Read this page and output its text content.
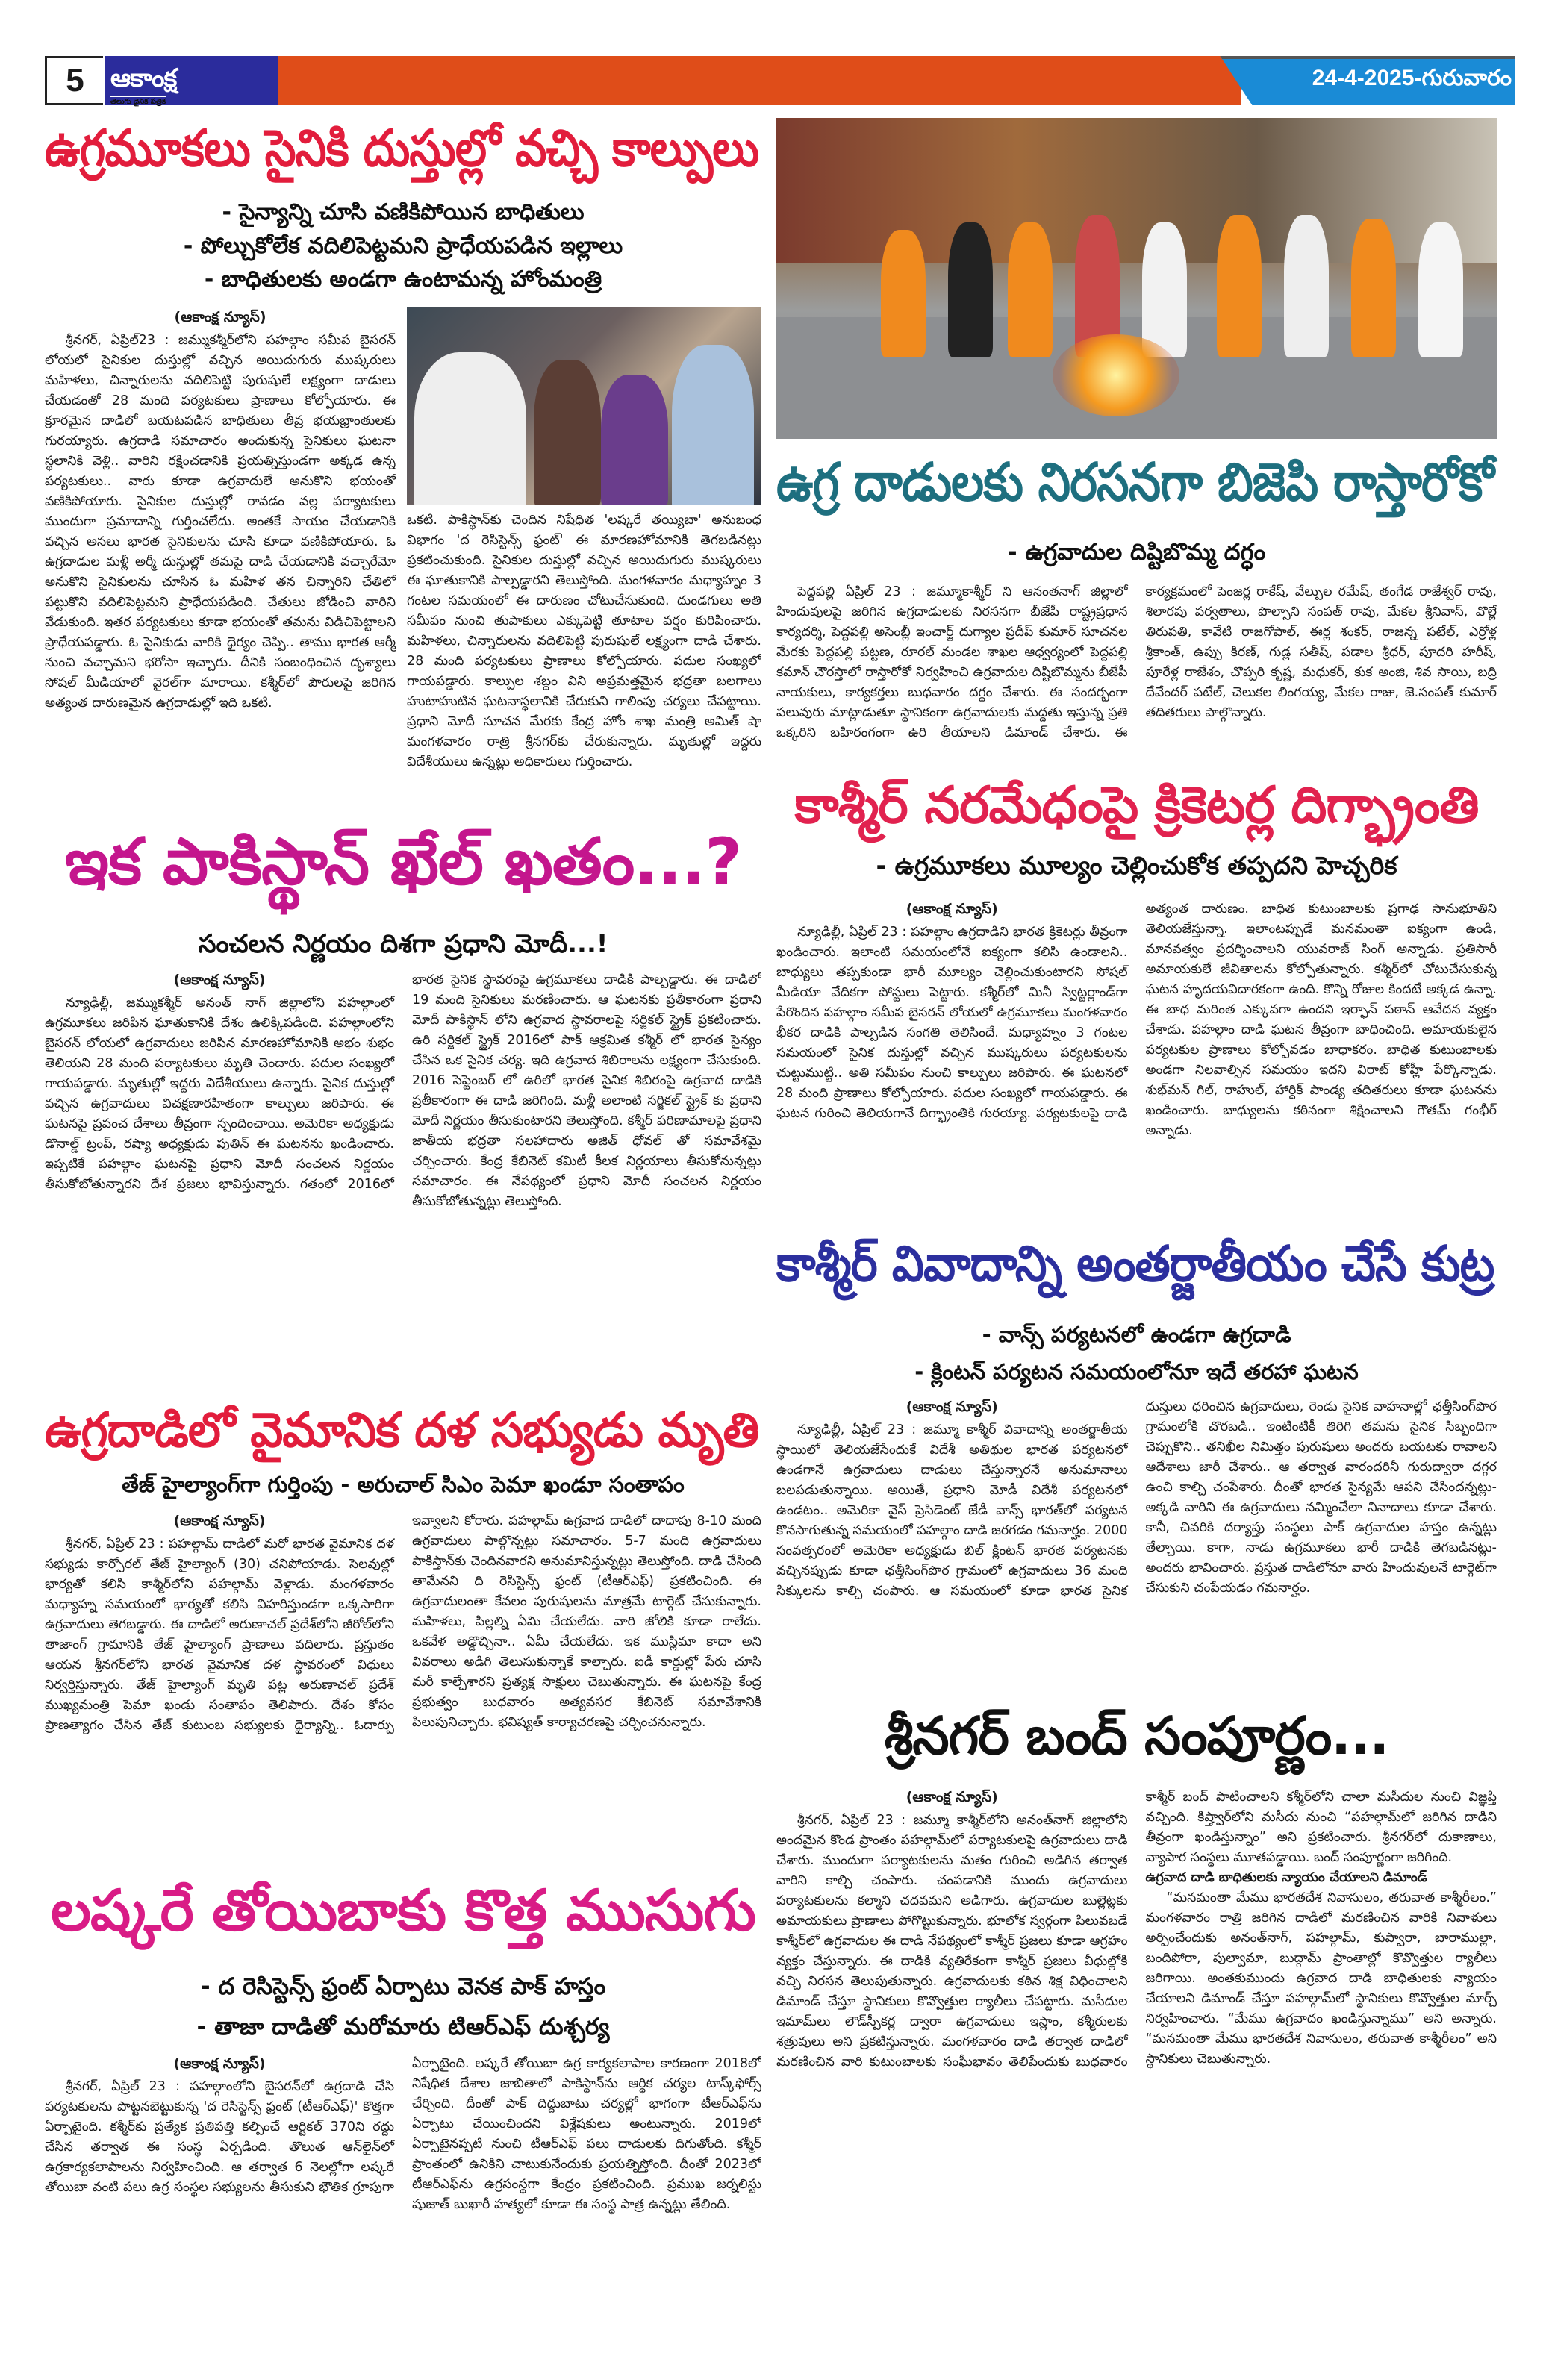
5
	ఆకాంక్ష
తెలుగు దైనిక పత్రిక
24-4-2025-గురువారం
ఉగ్రమూకలు సైనికి దుస్తుల్లో వచ్చి కాల్పులు
- సైన్యాన్ని చూసి వణికిపోయిన బాధితులు
- పోల్చుకోలేక వదిలిపెట్టమని ప్రాధేయపడిన ఇల్లాలు
- బాధితులకు అండగా ఉంటామన్న హోంమంత్రి
(ఆకాంక్ష న్యూస్)

శ్రీనగర్, ఏప్రిల్23 : జమ్ముకశ్మీర్‌లోని పహల్గాం సమీప బైసరన్ లోయలో సైనికుల దుస్తుల్లో వచ్చిన అయిదుగురు ముష్కరులు మహిళలు, చిన్నారులను వదిలిపెట్టి పురుషులే లక్ష్యంగా దాడులు చేయడంతో 28 మంది పర్యటకులు ప్రాణాలు కోల్పోయారు. ఈ క్రూరమైన దాడిలో బయటపడిన బాధితులు తీవ్ర భయభ్రాంతులకు గురయ్యారు. ఉగ్రదాడి సమాచారం అందుకున్న సైనికులు ఘటనా స్థలానికి వెళ్లి.. వారిని రక్షించడానికి ప్రయత్నిస్తుండగా అక్కడ ఉన్న పర్యటకులు.. వారు కూడా ఉగ్రవాదులే అనుకొని భయంతో వణికిపోయారు. సైనికుల దుస్తుల్లో రావడం వల్ల పర్యాటకులు ముందుగా ప్రమాదాన్ని గుర్తించలేదు. అంతకే సాయం చేయడానికి వచ్చిన అసలు భారత సైనికులను చూసి కూడా వణికిపోయారు. ఓ ఉగ్రదాడుల మళ్లీ అర్మీ దుస్తుల్లో తమపై దాడి చేయడానికి వచ్చారేమో అనుకొని సైనికులను చూసిన ఓ మహిళ తన చిన్నారిని చేతిలో పట్టుకొని వదిలిపెట్టమని ప్రాధేయపడింది. చేతులు జోడించి వారిని వేడుకుంది. ఇతర పర్యటకులు కూడా భయంతో తమను విడిచిపెట్టాలని ప్రాధేయపడ్డారు. ఓ సైనికుడు వారికి ధైర్యం చెప్పి.. తాము భారత ఆర్మీ నుంచి వచ్చామని భరోసా ఇచ్చారు. దీనికి సంబంధించిన దృశ్యాలు సోషల్ మీడియాలో వైరల్‌గా మారాయి. కశ్మీర్‌లో పౌరులపై జరిగిన అత్యంత దారుణమైన ఉగ్రదాడుల్లో ఇది ఒకటి.

ఒకటి. పాకిస్థాన్‌కు చెందిన నిషేధిత 'లష్కరే తయ్యిబా' అనుబంధ విభాగం 'ద రెసిస్టెన్స్ ఫ్రంట్' ఈ మారణహోమానికి తెగబడినట్లు ప్రకటించుకుంది. సైనికుల దుస్తుల్లో వచ్చిన అయిదుగురు ముష్కరులు ఈ ఘాతుకానికి పాల్పడ్డారని తెలుస్తోంది. మంగళవారం మధ్యాహ్నం 3 గంటల సమయంలో ఈ దారుణం చోటుచేసుకుంది. దుండగులు అతి సమీపం నుంచి తుపాకులు ఎక్కుపెట్టి తూటాల వర్షం కురిపించారు. మహిళలు, చిన్నారులను వదిలిపెట్టి పురుషులే లక్ష్యంగా దాడి చేశారు. 28 మంది పర్యటకులు ప్రాణాలు కోల్పోయారు. పదుల సంఖ్యలో గాయపడ్డారు. కాల్పుల శబ్దం విని అప్రమత్తమైన భద్రతా బలగాలు హుటాహుటిన ఘటనాస్థలానికి చేరుకుని గాలింపు చర్యలు చేపట్టాయి. ప్రధాని మోదీ సూచన మేరకు కేంద్ర హోం శాఖ మంత్రి అమిత్ షా మంగళవారం రాత్రి శ్రీనగర్‌కు చేరుకున్నారు. మృతుల్లో ఇద్దరు విదేశీయులు ఉన్నట్లు అధికారులు గుర్తించారు.

ఇక పాకిస్థాన్ ఖేల్ ఖతం...?
సంచలన నిర్ణయం దిశగా ప్రధాని మోదీ...!
(ఆకాంక్ష న్యూస్)

న్యూఢిల్లీ, జమ్ముకశ్మీర్ అనంత్ నాగ్ జిల్లాలోని పహల్గాంలో ఉగ్రమూకలు జరిపిన ఘాతుకానికి దేశం ఉలిక్కిపడింది. పహల్గాంలోని బైసరన్ లోయలో ఉగ్రవాదులు జరిపిన మారణహోమానికి అభం శుభం తెలియని 28 మంది పర్యాటకులు మృతి చెందారు. పదుల సంఖ్యలో గాయపడ్డారు. మృతుల్లో ఇద్దరు విదేశీయులు ఉన్నారు. సైనిక దుస్తుల్లో వచ్చిన ఉగ్రవాదులు విచక్షణారహితంగా కాల్పులు జరిపారు. ఈ ఘటనపై ప్రపంచ దేశాలు తీవ్రంగా స్పందించాయి. అమెరికా అధ్యక్షుడు డొనాల్డ్ ట్రంప్, రష్యా అధ్యక్షుడు పుతిన్ ఈ ఘటనను ఖండించారు. ఇప్పటికే పహల్గాం ఘటనపై ప్రధాని మోదీ సంచలన నిర్ణయం తీసుకోబోతున్నారని దేశ ప్రజలు భావిస్తున్నారు. గతంలో 2016లో భారత సైనిక స్థావరంపై ఉగ్రమూకలు దాడికి పాల్పడ్డారు. ఈ దాడిలో 19 మంది సైనికులు మరణించారు. ఆ ఘటనకు ప్రతీకారంగా ప్రధాని మోదీ పాకిస్థాన్ లోని ఉగ్రవాద స్థావరాలపై సర్జికల్ స్ట్రైక్ ప్రకటించారు. ఉరి సర్జికల్ స్ట్రైక్ 2016లో పాక్ ఆక్రమిత కశ్మీర్ లో భారత సైన్యం చేసిన ఒక సైనిక చర్య. ఇది ఉగ్రవాద శిబిరాలను లక్ష్యంగా చేసుకుంది. 2016 సెప్టెంబర్ లో ఉరిలో భారత సైనిక శిబిరంపై ఉగ్రవాద దాడికి ప్రతీకారంగా ఈ దాడి జరిగింది. మళ్లీ అలాంటి సర్జికల్ స్ట్రైక్ కు ప్రధాని మోదీ నిర్ణయం తీసుకుంటారని తెలుస్తోంది. కశ్మీర్ పరిణామాలపై ప్రధాని జాతీయ భద్రతా సలహాదారు అజిత్ ధోవల్ తో సమావేశమై చర్చించారు. కేంద్ర కేబినెట్ కమిటీ కీలక నిర్ణయాలు తీసుకోనున్నట్లు సమాచారం. ఈ నేపథ్యంలో ప్రధాని మోదీ సంచలన నిర్ణయం తీసుకోబోతున్నట్లు తెలుస్తోంది.

ఉగ్రదాడిలో వైమానిక దళ సభ్యుడు మృతి
తేజ్ హైల్యాంగ్‌గా గుర్తింపు - అరుచాల్ సిఎం పెమా ఖండూ సంతాపం
(ఆకాంక్ష న్యూస్)

శ్రీనగర్, ఏప్రిల్ 23 : పహల్గామ్ దాడిలో మరో భారత వైమానిక దళ సభ్యుడు కార్పోరల్ తేజ్ హైల్యాంగ్ (30) చనిపోయాడు. సెలవుల్లో భార్యతో కలిసి కాశ్మీర్‌లోని పహల్గామ్ వెళ్లాడు. మంగళవారం మధ్యాహ్న సమయంలో భార్యతో కలిసి విహరిస్తుండగా ఒక్కసారిగా ఉగ్రవాదులు తెగబడ్డారు. ఈ దాడిలో అరుణాచల్ ప్రదేశ్‌లోని జీరోల్‌లోని తాజాంగ్ గ్రామానికి తేజ్ హైల్యాంగ్ ప్రాణాలు వదిలారు. ప్రస్తుతం ఆయన శ్రీనగర్‌లోని భారత వైమానిక దళ స్థావరంలో విధులు నిర్వర్తిస్తున్నారు. తేజ్ హైల్యాంగ్ మృతి పట్ల అరుణాచల్ ప్రదేశ్ ముఖ్యమంత్రి పెమా ఖండు సంతాపం తెలిపారు. దేశం కోసం ప్రాణత్యాగం చేసిన తేజ్ కుటుంబ సభ్యులకు ధైర్యాన్ని.. ఓదార్పు ఇవ్వాలని కోరారు. పహల్గామ్ ఉగ్రవాద దాడిలో దాదాపు 8-10 మంది ఉగ్రవాదులు పాల్గొన్నట్లు సమాచారం. 5-7 మంది ఉగ్రవాదులు పాకిస్తాన్‌కు చెందినవారని అనుమానిస్తున్నట్లు తెలుస్తోంది. దాడి చేసింది తామేనని ది రెసిస్టెన్స్ ఫ్రంట్ (టీఆర్ఎఫ్) ప్రకటించింది. ఈ ఉగ్రవాదులంతా కేవలం పురుషులను మాత్రమే టార్గెట్ చేసుకున్నారు. మహిళలు, పిల్లల్ని ఏమి చేయలేదు. వారి జోలికి కూడా రాలేదు. ఒకవేళ అడ్డొచ్చినా.. ఏమీ చేయలేదు. ఇక ముస్లిమా కాదా అని వివరాలు అడిగి తెలుసుకున్నాకే కాల్చారు. ఐడీ కార్డుల్లో పేరు చూసి మరీ కాల్చేశారని ప్రత్యక్ష సాక్షులు చెబుతున్నారు. ఈ ఘటనపై కేంద్ర ప్రభుత్వం బుధవారం అత్యవసర కేబినెట్ సమావేశానికి పిలుపునిచ్చారు. భవిష్యత్ కార్యాచరణపై చర్చించనున్నారు.

లష్కరే తోయిబాకు కొత్త ముసుగు
- ద రెసిస్టెన్స్ ఫ్రంట్ ఏర్పాటు వెనక పాక్ హస్తం
- తాజా దాడితో మరోమారు టిఆర్ఎఫ్ దుశ్చర్య
(ఆకాంక్ష న్యూస్)

శ్రీనగర్, ఏప్రిల్ 23 : పహల్గాంలోని బైసరన్‌లో ఉగ్రదాడి చేసి పర్యటకులను పొట్టనబెట్టుకున్న 'ద రెసిస్టెన్స్ ఫ్రంట్ (టీఆర్ఎఫ్)' కొత్తగా ఏర్పాటైంది. కశ్మీర్‌కు ప్రత్యేక ప్రతిపత్తి కల్పించే ఆర్టికల్ 370ని రద్దు చేసిన తర్వాత ఈ సంస్థ ఏర్పడింది. తొలుత ఆన్‌లైన్‌లో ఉగ్రకార్యకలాపాలను నిర్వహించింది. ఆ తర్వాత 6 నెలల్లోగా లష్కరే తోయిబా వంటి పలు ఉగ్ర సంస్థల సభ్యులను తీసుకుని భౌతిక గ్రూపుగా ఏర్పాటైంది. లష్కరే తోయిబా ఉగ్ర కార్యకలాపాల కారణంగా 2018లో నిషేధిత దేశాల జాబితాలో పాకిస్థాన్‌ను ఆర్థిక చర్యల టాస్క్‌ఫోర్స్ చేర్చింది. దీంతో పాక్ దిద్దుబాటు చర్యల్లో భాగంగా టీఆర్ఎఫ్‌ను ఏర్పాటు చేయించిందని విశ్లేషకులు అంటున్నారు. 2019లో ఏర్పాటైనప్పటి నుంచి టీఆర్ఎఫ్ పలు దాడులకు దిగుతోంది. కశ్మీర్ ప్రాంతంలో ఉనికిని చాటుకునేందుకు ప్రయత్నిస్తోంది. దీంతో 2023లో టీఆర్ఎఫ్‌ను ఉగ్రసంస్థగా కేంద్రం ప్రకటించింది. ప్రముఖ జర్నలిస్టు షుజాత్ బుఖారీ హత్యలో కూడా ఈ సంస్థ పాత్ర ఉన్నట్లు తేలింది.

ఉగ్ర దాడులకు నిరసనగా బిజెపి రాస్తారోకో
- ఉగ్రవాదుల దిష్టిబొమ్మ దగ్ధం

పెద్దపల్లి ఏప్రిల్ 23 : జమ్మూకాశ్మీర్ ని ఆనంతనాగ్ జిల్లాలో హిందువులపై జరిగిన ఉగ్రదాడులకు నిరసనగా బీజేపీ రాష్ట్రప్రధాన కార్యదర్శి, పెద్దపల్లి అసెంబ్లీ ఇంచార్జ్ దుగ్యాల ప్రదీప్ కుమార్ సూచనల మేరకు పెద్దపల్లి పట్టణ, రూరల్ మండల శాఖల ఆధ్వర్యంలో పెద్దపల్లి కమాన్ చౌరస్తాలో రాస్తారోకో నిర్వహించి ఉగ్రవాదుల దిష్టిబొమ్మను బీజేపీ నాయకులు, కార్యకర్తలు బుధవారం దగ్ధం చేశారు. ఈ సందర్భంగా పలువురు మాట్లాడుతూ స్థానికంగా ఉగ్రవాదులకు మద్దతు ఇస్తున్న ప్రతి ఒక్కరిని బహిరంగంగా ఉరి తీయాలని డిమాండ్ చేశారు. ఈ కార్యక్రమంలో పెంజర్ల రాకేష్, వేల్పుల రమేష్, తంగేడ రాజేశ్వర్ రావు, శిలారపు పర్వతాలు, పొల్సాని సంపత్ రావు, మేకల శ్రీనివాస్, వొల్లే తిరుపతి, కావేటి రాజగోపాల్, ఈర్ల శంకర్, రాజన్న పటేల్, ఎర్రోళ్ల శ్రీకాంత్, ఉప్పు కిరణ్, గుడ్ల సతీష్, పడాల శ్రీధర్, పూదరి హరీష్, పూరేళ్ల రాజేశం, చొప్పరి కృష్ణ, మధుకర్, కుక అంజి, శివ సాయి, బద్రి దేవేందర్ పటేల్, చెలుకల లింగయ్య, మేకల రాజు, జె.సంపత్ కుమార్ తదితరులు పాల్గొన్నారు.

కాశ్మీర్ నరమేధంపై క్రికెటర్ల దిగ్భ్రాంతి
- ఉగ్రమూకలు మూల్యం చెల్లించుకోక తప్పదని హెచ్చరిక
(ఆకాంక్ష న్యూస్)

న్యూఢిల్లీ, ఏప్రిల్ 23 : పహల్గాం ఉగ్రదాడిని భారత క్రికెటర్లు తీవ్రంగా ఖండించారు. ఇలాంటి సమయంలోనే ఐక్యంగా కలిసి ఉండాలని.. బాధ్యులు తప్పకుండా భారీ మూల్యం చెల్లించుకుంటారని సోషల్ మీడియా వేదికగా పోస్టులు పెట్టారు. కశ్మీర్‌లో మినీ స్విట్జర్లాండ్‌గా పేరొందిన పహల్గాం సమీప బైసరన్ లోయలో ఉగ్రమూకలు మంగళవారం భీకర దాడికి పాల్పడిన సంగతి తెలిసిందే. మధ్యాహ్నం 3 గంటల సమయంలో సైనిక దుస్తుల్లో వచ్చిన ముష్కరులు పర్యటకులను చుట్టుముట్టి.. అతి సమీపం నుంచి కాల్పులు జరిపారు. ఈ ఘటనలో 28 మంది ప్రాణాలు కోల్పోయారు. పదుల సంఖ్యలో గాయపడ్డారు. ఈ ఘటన గురించి తెలియగానే దిగ్భ్రాంతికి గురయ్యా. పర్యటకులపై దాడి అత్యంత దారుణం. బాధిత కుటుంబాలకు ప్రగాఢ సానుభూతిని తెలియజేస్తున్నా. ఇలాంటప్పుడే మనమంతా ఐక్యంగా ఉండి, మానవత్వం ప్రదర్శించాలని యువరాజ్ సింగ్ అన్నాడు. ప్రతిసారీ అమాయకులే జీవితాలను కోల్పోతున్నారు. కశ్మీర్‌లో చోటుచేసుకున్న ఘటన హృదయవిదారకంగా ఉంది. కొన్ని రోజుల కిందటే అక్కడ ఉన్నా. ఈ బాధ మరింత ఎక్కువగా ఉందని ఇర్ఫాన్ పఠాన్ ఆవేదన వ్యక్తం చేశాడు. పహల్గాం దాడి ఘటన తీవ్రంగా బాధించింది. అమాయకులైన పర్యటకుల ప్రాణాలు కోల్పోవడం బాధాకరం. బాధిత కుటుంబాలకు అండగా నిలవాల్సిన సమయం ఇదని విరాట్ కోహ్లీ పేర్కొన్నాడు. శుభ్‌మన్ గిల్, రాహుల్, హార్దిక్ పాండ్య తదితరులు కూడా ఘటనను ఖండించారు. బాధ్యులను కఠినంగా శిక్షించాలని గౌతమ్ గంభీర్ అన్నాడు.

కాశ్మీర్ వివాదాన్ని అంతర్జాతీయం చేసే కుట్ర
- వాన్స్ పర్యటనలో ఉండగా ఉగ్రదాడి
- క్లింటన్ పర్యటన సమయంలోనూ ఇదే తరహా ఘటన
(ఆకాంక్ష న్యూస్)

న్యూఢిల్లీ, ఏప్రిల్ 23 : జమ్మూ కాశ్మీర్ వివాదాన్ని అంతర్జాతీయ స్థాయిలో తెలియజేసేందుకే విదేశీ అతిథుల భారత పర్యటనలో ఉండగానే ఉగ్రవాదులు దాడులు చేస్తున్నారనే అనుమానాలు బలపడుతున్నాయి. అయితే, ప్రధాని మోడీ విదేశీ పర్యటనలో ఉండటం.. అమెరికా వైస్ ప్రెసిడెంట్ జేడీ వాన్స్ భారత్‌లో పర్యటన కొనసాగుతున్న సమయంలో పహల్గాం దాడి జరగడం గమనార్హం. 2000 సంవత్సరంలో అమెరికా అధ్యక్షుడు బిల్ క్లింటన్ భారత పర్యటనకు వచ్చినప్పుడు కూడా ఛత్తీసింగ్‌పొర గ్రామంలో ఉగ్రవాదులు 36 మంది సిక్కులను కాల్చి చంపారు. ఆ సమయంలో కూడా భారత సైనిక దుస్తులు ధరించిన ఉగ్రవాదులు, రెండు సైనిక వాహనాల్లో ఛత్తీసింగ్‌పొర గ్రామంలోకి చొరబడి.. ఇంటింటికీ తిరిగి తమను సైనిక సిబ్బందిగా చెప్పుకొని.. తనిఖీల నిమిత్తం పురుషులు అందరు బయటకు రావాలని ఆదేశాలు జారీ చేశారు.. ఆ తర్వాత వారందరినీ గురుద్వారా దగ్గర ఉంచి కాల్చి చంపేశారు. దీంతో భారత సైన్యమే ఆపని చేసిందన్నట్లు- అక్కడి వారిని ఈ ఉగ్రవాదులు నమ్మించేలా నినాదాలు కూడా చేశారు. కానీ, చివరికి దర్యాప్తు సంస్థలు పాక్ ఉగ్రవాదుల హస్తం ఉన్నట్లు తేల్చాయి. కాగా, నాడు ఉగ్రమూకలు భారీ దాడికి తెగబడినట్లు- అందరు భావించారు. ప్రస్తుత దాడిలోనూ వారు హిందువులనే టార్గెట్‌గా చేసుకుని చంపేయడం గమనార్హం.

శ్రీనగర్ బంద్ సంపూర్ణం...
(ఆకాంక్ష న్యూస్)

శ్రీనగర్, ఏప్రిల్ 23 : జమ్మూ కాశ్మీర్‌లోని అనంత్‌నాగ్ జిల్లాలోని అందమైన కొండ ప్రాంతం పహల్గామ్‌లో పర్యాటకులపై ఉగ్రవాదులు దాడి చేశారు. ముందుగా పర్యాటకులను మతం గురించి అడిగిన తర్వాత వారిని కాల్చి చంపారు. చంపడానికి ముందు ఉగ్రవాదులు పర్యాటకులను కల్మాని చదవమని అడిగారు. ఉగ్రవాదుల బుల్లెట్లకు అమాయకులు ప్రాణాలు పోగొట్టుకున్నారు. భూలోక స్వర్గంగా పిలువబడే కాశ్మీర్‌లో ఉగ్రవాదుల ఈ దాడి నేపథ్యంలో కాశ్మీర్ ప్రజలు కూడా ఆగ్రహం వ్యక్తం చేస్తున్నారు. ఈ దాడికి వ్యతిరేకంగా కాశ్మీర్ ప్రజలు వీధుల్లోకి వచ్చి నిరసన తెలుపుతున్నారు. ఉగ్రవాదులకు కఠిన శిక్ష విధించాలని డిమాండ్ చేస్తూ స్థానికులు కొవ్వొత్తుల ర్యాలీలు చేపట్టారు. మసీదుల ఇమామ్‌లు లౌడ్‌స్పీకర్ల ద్వారా ఉగ్రవాదులు ఇస్లాం, కశ్మీరులకు శత్రువులు అని ప్రకటిస్తున్నారు. మంగళవారం దాడి తర్వాత దాడిలో మరణించిన వారి కుటుంబాలకు సంఘీభావం తెలిపేందుకు బుధవారం కాశ్మీర్ బంద్ పాటించాలని కశ్మీర్‌లోని చాలా మసీదుల నుంచి విజ్ఞప్తి వచ్చింది. కిష్త్వార్‌లోని మసీదు నుంచి “పహల్గామ్‌లో జరిగిన దాడిని తీవ్రంగా ఖండిస్తున్నాం” అని ప్రకటించారు. శ్రీనగర్‌లో దుకాణాలు, వ్యాపార సంస్థలు మూతపడ్డాయి. బంద్ సంపూర్ణంగా జరిగింది.

ఉగ్రవాద దాడి బాధితులకు న్యాయం చేయాలని డిమాండ్

“మనమంతా మేము భారతదేశ నివాసులం, తరువాత కాశ్మీరీలం.” మంగళవారం రాత్రి జరిగిన దాడిలో మరణించిన వారికి నివాళులు అర్పించేందుకు అనంత్‌నాగ్, పహల్గామ్, కుప్వారా, బారాముల్లా, బందిపోరా, పుల్వామా, బుద్గామ్ ప్రాంతాల్లో కొవ్వొత్తుల ర్యాలీలు జరిగాయి. అంతకుముందు ఉగ్రవాద దాడి బాధితులకు న్యాయం చేయాలని డిమాండ్ చేస్తూ పహల్గామ్‌లో స్థానికులు కొవ్వొత్తుల మార్చ్ నిర్వహించారు. “మేము ఉగ్రవాదం ఖండిస్తున్నాము” అని అన్నారు. “మనమంతా మేము భారతదేశ నివాసులం, తరువాత కాశ్మీరీలం” అని స్థానికులు చెబుతున్నారు.
